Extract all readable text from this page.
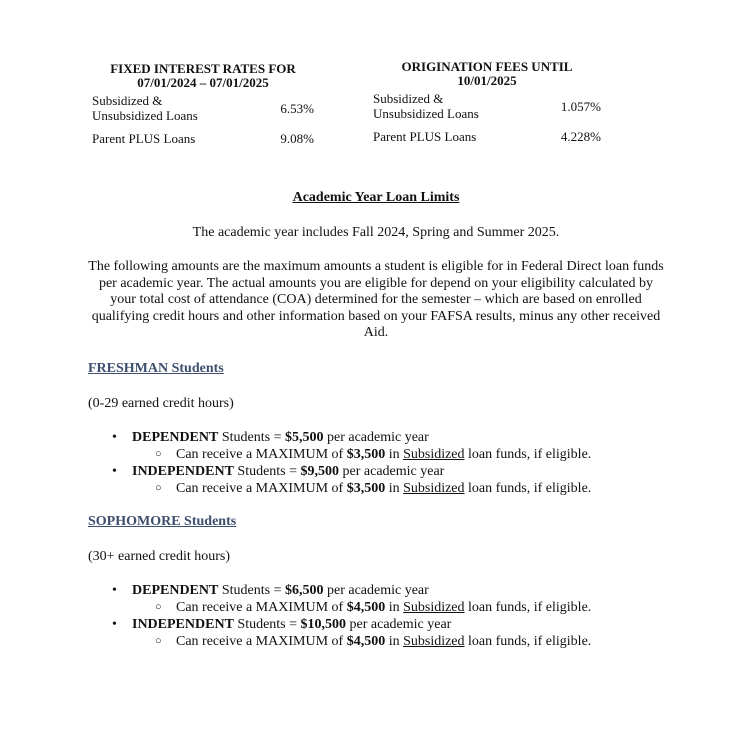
FIXED INTEREST RATES FOR
07/01/2024 – 07/01/2025	

Subsidized &
Unsubsidized Loans	6.53%

Parent PLUS Loans	9.08%
ORIGINATION FEES UNTIL
10/01/2025	

Subsidized &
Unsubsidized Loans	1.057%

Parent PLUS Loans	4.228%
Academic Year Loan Limits
The academic year includes Fall 2024, Spring and Summer 2025.
The following amounts are the maximum amounts a student is eligible for in Federal Direct loan funds per academic year. The actual amounts you are eligible for depend on your eligibility calculated by your total cost of attendance (COA) determined for the semester – which are based on enrolled qualifying credit hours and other information based on your FAFSA results, minus any other received Aid.
FRESHMAN Students
(0-29 earned credit hours)
• DEPENDENT Students = $5,500 per academic year
○ Can receive a MAXIMUM of $3,500 in Subsidized loan funds, if eligible.
• INDEPENDENT Students = $9,500 per academic year
○ Can receive a MAXIMUM of $3,500 in Subsidized loan funds, if eligible.
SOPHOMORE Students
(30+ earned credit hours)
• DEPENDENT Students = $6,500 per academic year
○ Can receive a MAXIMUM of $4,500 in Subsidized loan funds, if eligible.
• INDEPENDENT Students = $10,500 per academic year
○ Can receive a MAXIMUM of $4,500 in Subsidized loan funds, if eligible.
